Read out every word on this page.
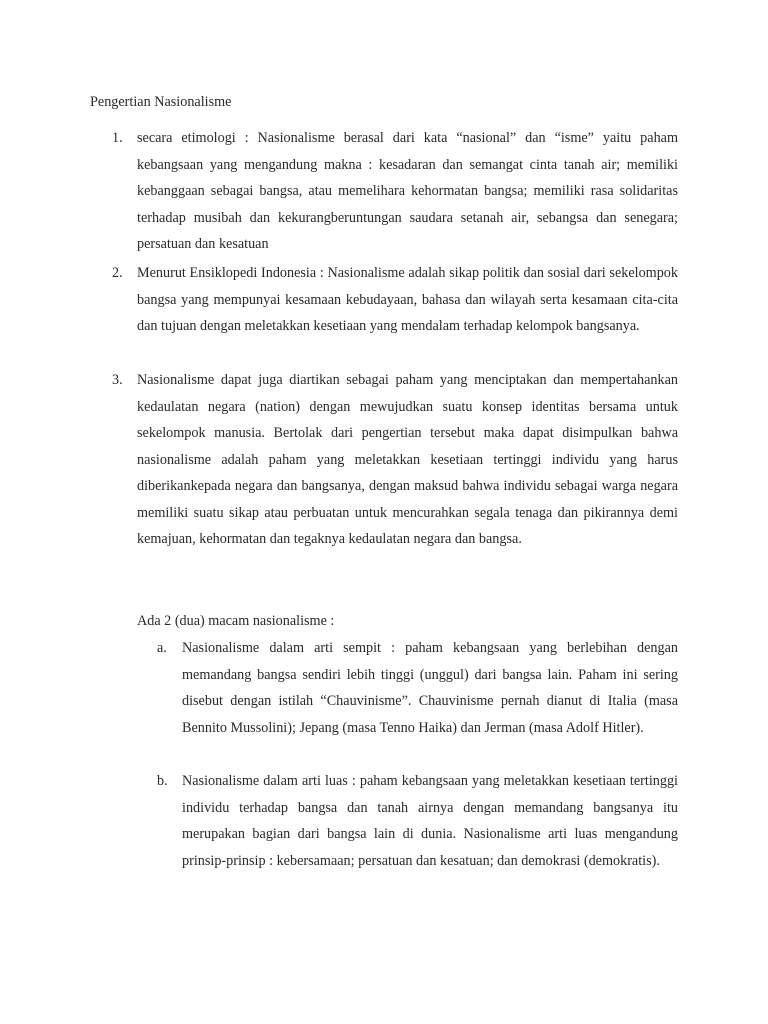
Pengertian Nasionalisme
1. secara etimologi : Nasionalisme berasal dari kata “nasional” dan “isme” yaitu paham kebangsaan yang mengandung makna : kesadaran dan semangat cinta tanah air; memiliki kebanggaan sebagai bangsa, atau memelihara kehormatan bangsa; memiliki rasa solidaritas terhadap musibah dan kekurangberuntungan saudara setanah air, sebangsa dan senegara; persatuan dan kesatuan
2. Menurut Ensiklopedi Indonesia : Nasionalisme adalah sikap politik dan sosial dari sekelompok bangsa yang mempunyai kesamaan kebudayaan, bahasa dan wilayah serta kesamaan cita-cita dan tujuan dengan meletakkan kesetiaan yang mendalam terhadap kelompok bangsanya.
3. Nasionalisme dapat juga diartikan sebagai paham yang menciptakan dan mempertahankan kedaulatan negara (nation) dengan mewujudkan suatu konsep identitas bersama untuk sekelompok manusia. Bertolak dari pengertian tersebut maka dapat disimpulkan bahwa nasionalisme adalah paham yang meletakkan kesetiaan tertinggi individu yang harus diberikankepada negara dan bangsanya, dengan maksud bahwa individu sebagai warga negara memiliki suatu sikap atau perbuatan untuk mencurahkan segala tenaga dan pikirannya demi kemajuan, kehormatan dan tegaknya kedaulatan negara dan bangsa.
Ada 2 (dua) macam nasionalisme :
a. Nasionalisme dalam arti sempit : paham kebangsaan yang berlebihan dengan memandang bangsa sendiri lebih tinggi (unggul) dari bangsa lain. Paham ini sering disebut dengan istilah “Chauvinisme”. Chauvinisme pernah dianut di Italia (masa Bennito Mussolini); Jepang (masa Tenno Haika) dan Jerman (masa Adolf Hitler).
b. Nasionalisme dalam arti luas : paham kebangsaan yang meletakkan kesetiaan tertinggi individu terhadap bangsa dan tanah airnya dengan memandang bangsanya itu merupakan bagian dari bangsa lain di dunia. Nasionalisme arti luas mengandung prinsip-prinsip : kebersamaan; persatuan dan kesatuan; dan demokrasi (demokratis).
